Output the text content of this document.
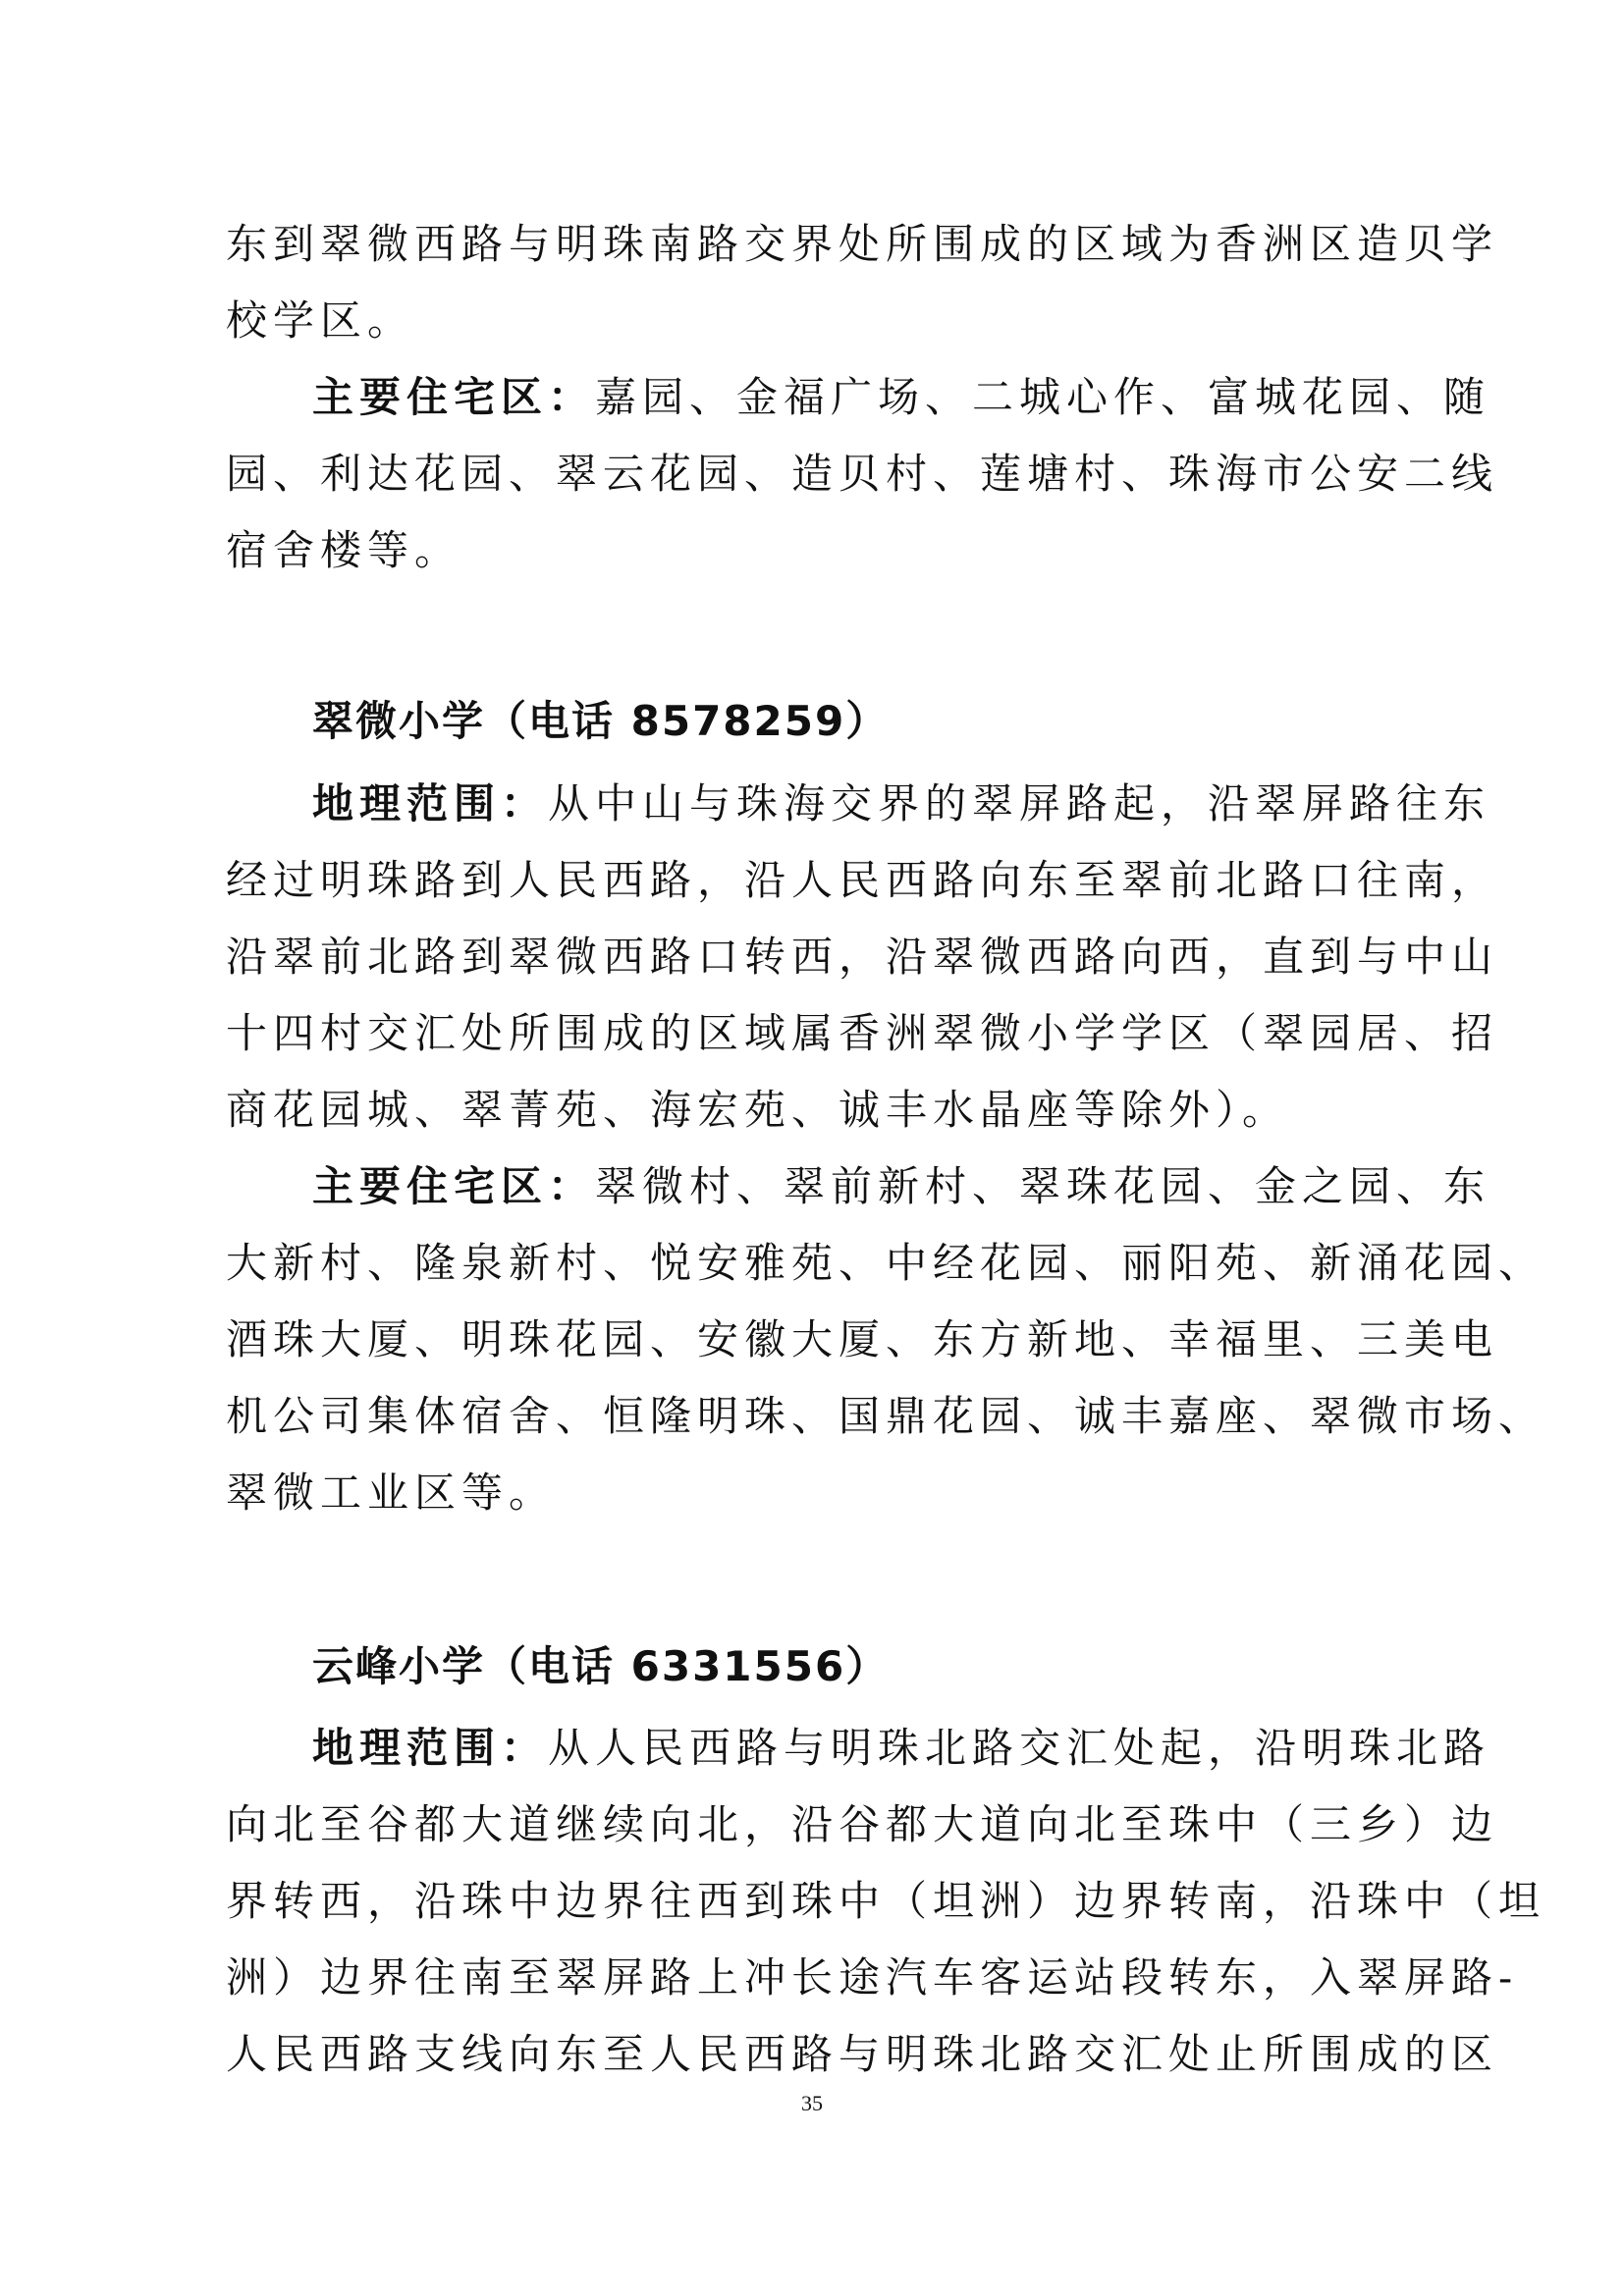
东到翠微西路与明珠南路交界处所围成的区域为香洲区造贝学
校学区。
主要住宅区：嘉园、金福广场、二城心作、富城花园、随
园、利达花园、翠云花园、造贝村、莲塘村、珠海市公安二线
宿舍楼等。
翠微小学（电话 8578259）
地理范围：从中山与珠海交界的翠屏路起，沿翠屏路往东
经过明珠路到人民西路，沿人民西路向东至翠前北路口往南，
沿翠前北路到翠微西路口转西，沿翠微西路向西，直到与中山
十四村交汇处所围成的区域属香洲翠微小学学区（翠园居、招
商花园城、翠菁苑、海宏苑、诚丰水晶座等除外）。
主要住宅区：翠微村、翠前新村、翠珠花园、金之园、东
大新村、隆泉新村、悦安雅苑、中经花园、丽阳苑、新涌花园、
酒珠大厦、明珠花园、安徽大厦、东方新地、幸福里、三美电
机公司集体宿舍、恒隆明珠、国鼎花园、诚丰嘉座、翠微市场、
翠微工业区等。
云峰小学（电话 6331556）
地理范围：从人民西路与明珠北路交汇处起，沿明珠北路
向北至谷都大道继续向北，沿谷都大道向北至珠中（三乡）边
界转西，沿珠中边界往西到珠中（坦洲）边界转南，沿珠中（坦
洲）边界往南至翠屏路上冲长途汽车客运站段转东，入翠屏路-
人民西路支线向东至人民西路与明珠北路交汇处止所围成的区
35
